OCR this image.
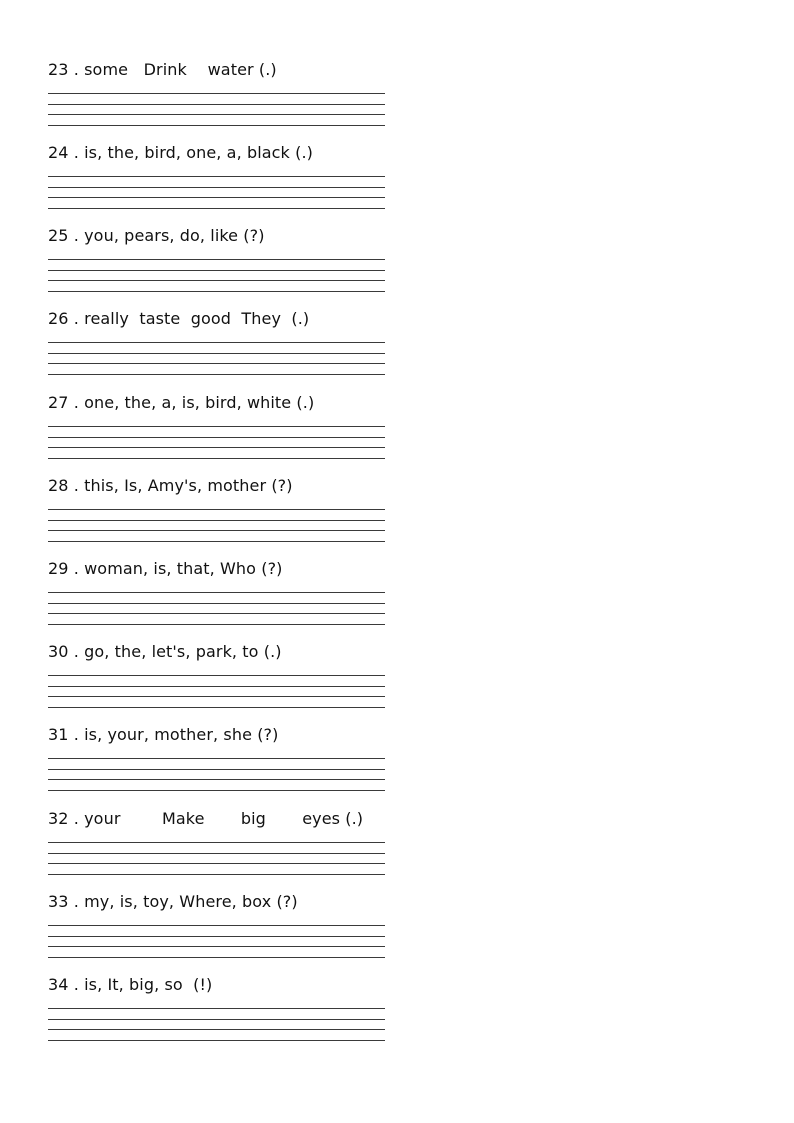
23 . some   Drink    water (.)
24 . is, the, bird, one, a, black (.)
25 . you, pears, do, like (?)
26 . really  taste  good  They  (.)
27 . one, the, a, is, bird, white (.)
28 . this, Is, Amy's, mother (?)
29 . woman, is, that, Who (?)
30 . go, the, let's, park, to (.)
31 . is, your, mother, she (?)
32 . your        Make       big       eyes (.)
33 . my, is, toy, Where, box (?)
34 . is, It, big, so  (!)
